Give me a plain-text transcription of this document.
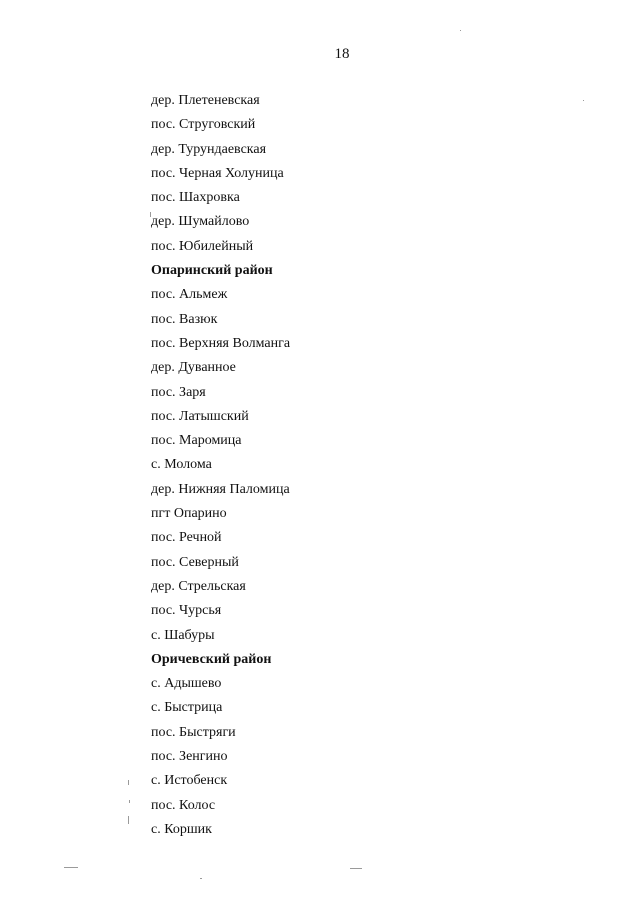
18
дер. Плетеневская
пос. Струговский
дер. Турундаевская
пос. Черная Холуница
пос. Шахровка
дер. Шумайлово
пос. Юбилейный
Опаринский район
пос. Альмеж
пос. Вазюк
пос. Верхняя Волманга
дер. Дуванное
пос. Заря
пос. Латышский
пос. Маромица
с. Молома
дер. Нижняя Паломица
пгт Опарино
пос. Речной
пос. Северный
дер. Стрельская
пос. Чурсья
с. Шабуры
Оричевский район
с. Адышево
с. Быстрица
пос. Быстряги
пос. Зенгино
с. Истобенск
пос. Колос
с. Коршик
